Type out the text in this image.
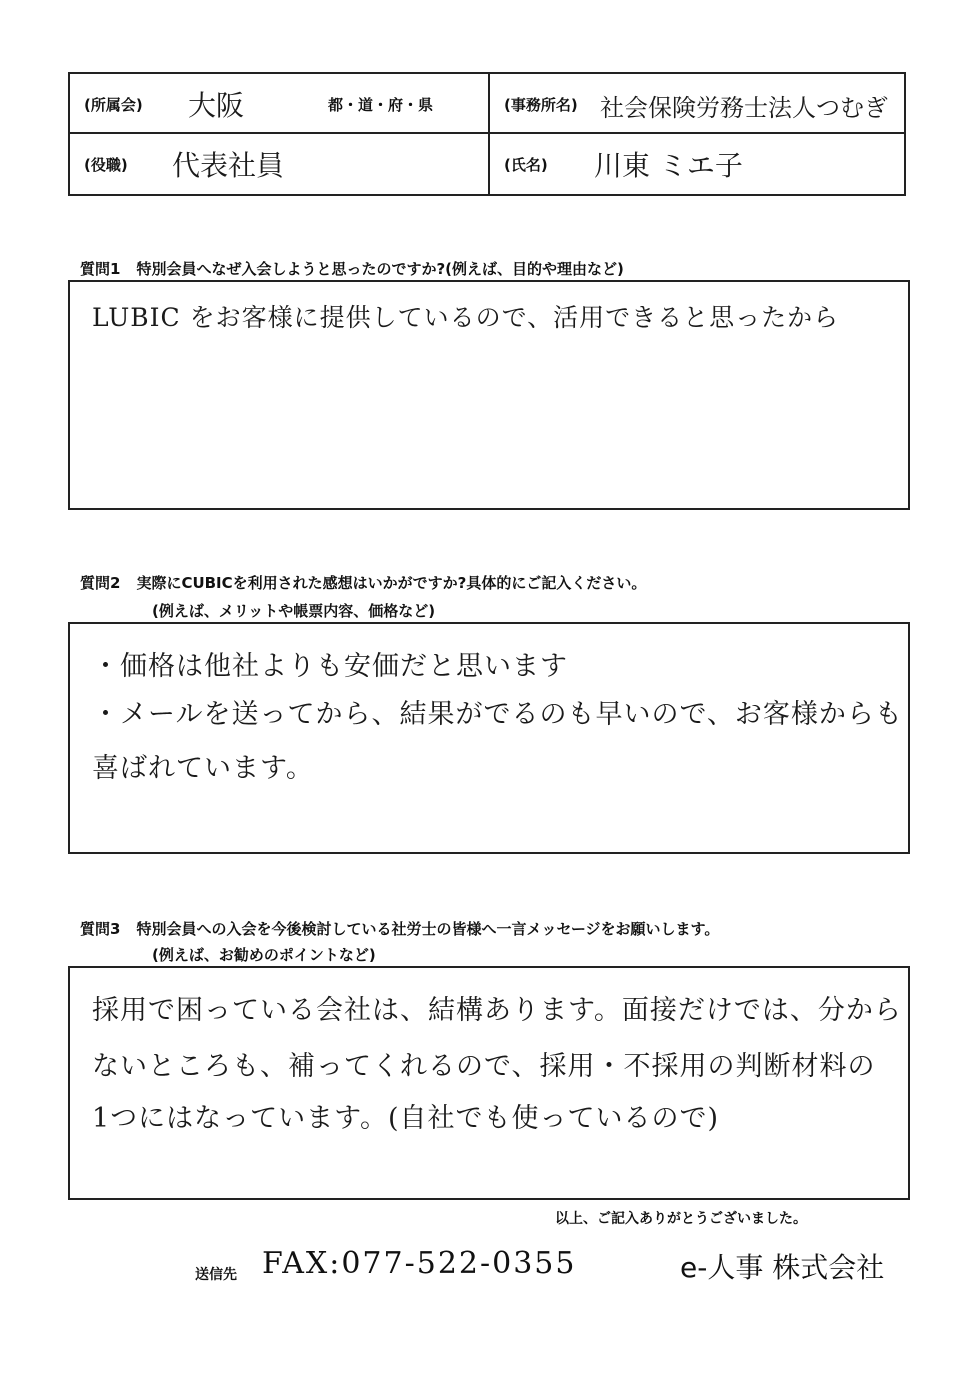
(所属会) 大阪	都・道・府・県	(事務所名) 社会保険労務士法人つむぎ
(役職) 代表社員	(氏名) 川東 ミエ子
質問1 特別会員へなぜ入会しようと思ったのですか?(例えば、目的や理由など)
LUBIC をお客様に提供しているので、活用できると思ったから
質問2 実際にCUBICを利用された感想はいかがですか?具体的にご記入ください。
(例えば、メリットや帳票内容、価格など)
・価格は他社よりも安価だと思います
・メールを送ってから、結果がでるのも早いので、お客様からも
喜ばれています。
質問3 特別会員への入会を今後検討している社労士の皆様へ一言メッセージをお願いします。
(例えば、お勧めのポイントなど)
採用で困っている会社は、結構あります。面接だけでは、分から
ないところも、補ってくれるので、採用・不採用の判断材料の
1つにはなっています。(自社でも使っているので)
以上、ご記入ありがとうございました。
送信先 FAX:077-522-0355	e-人事 株式会社
